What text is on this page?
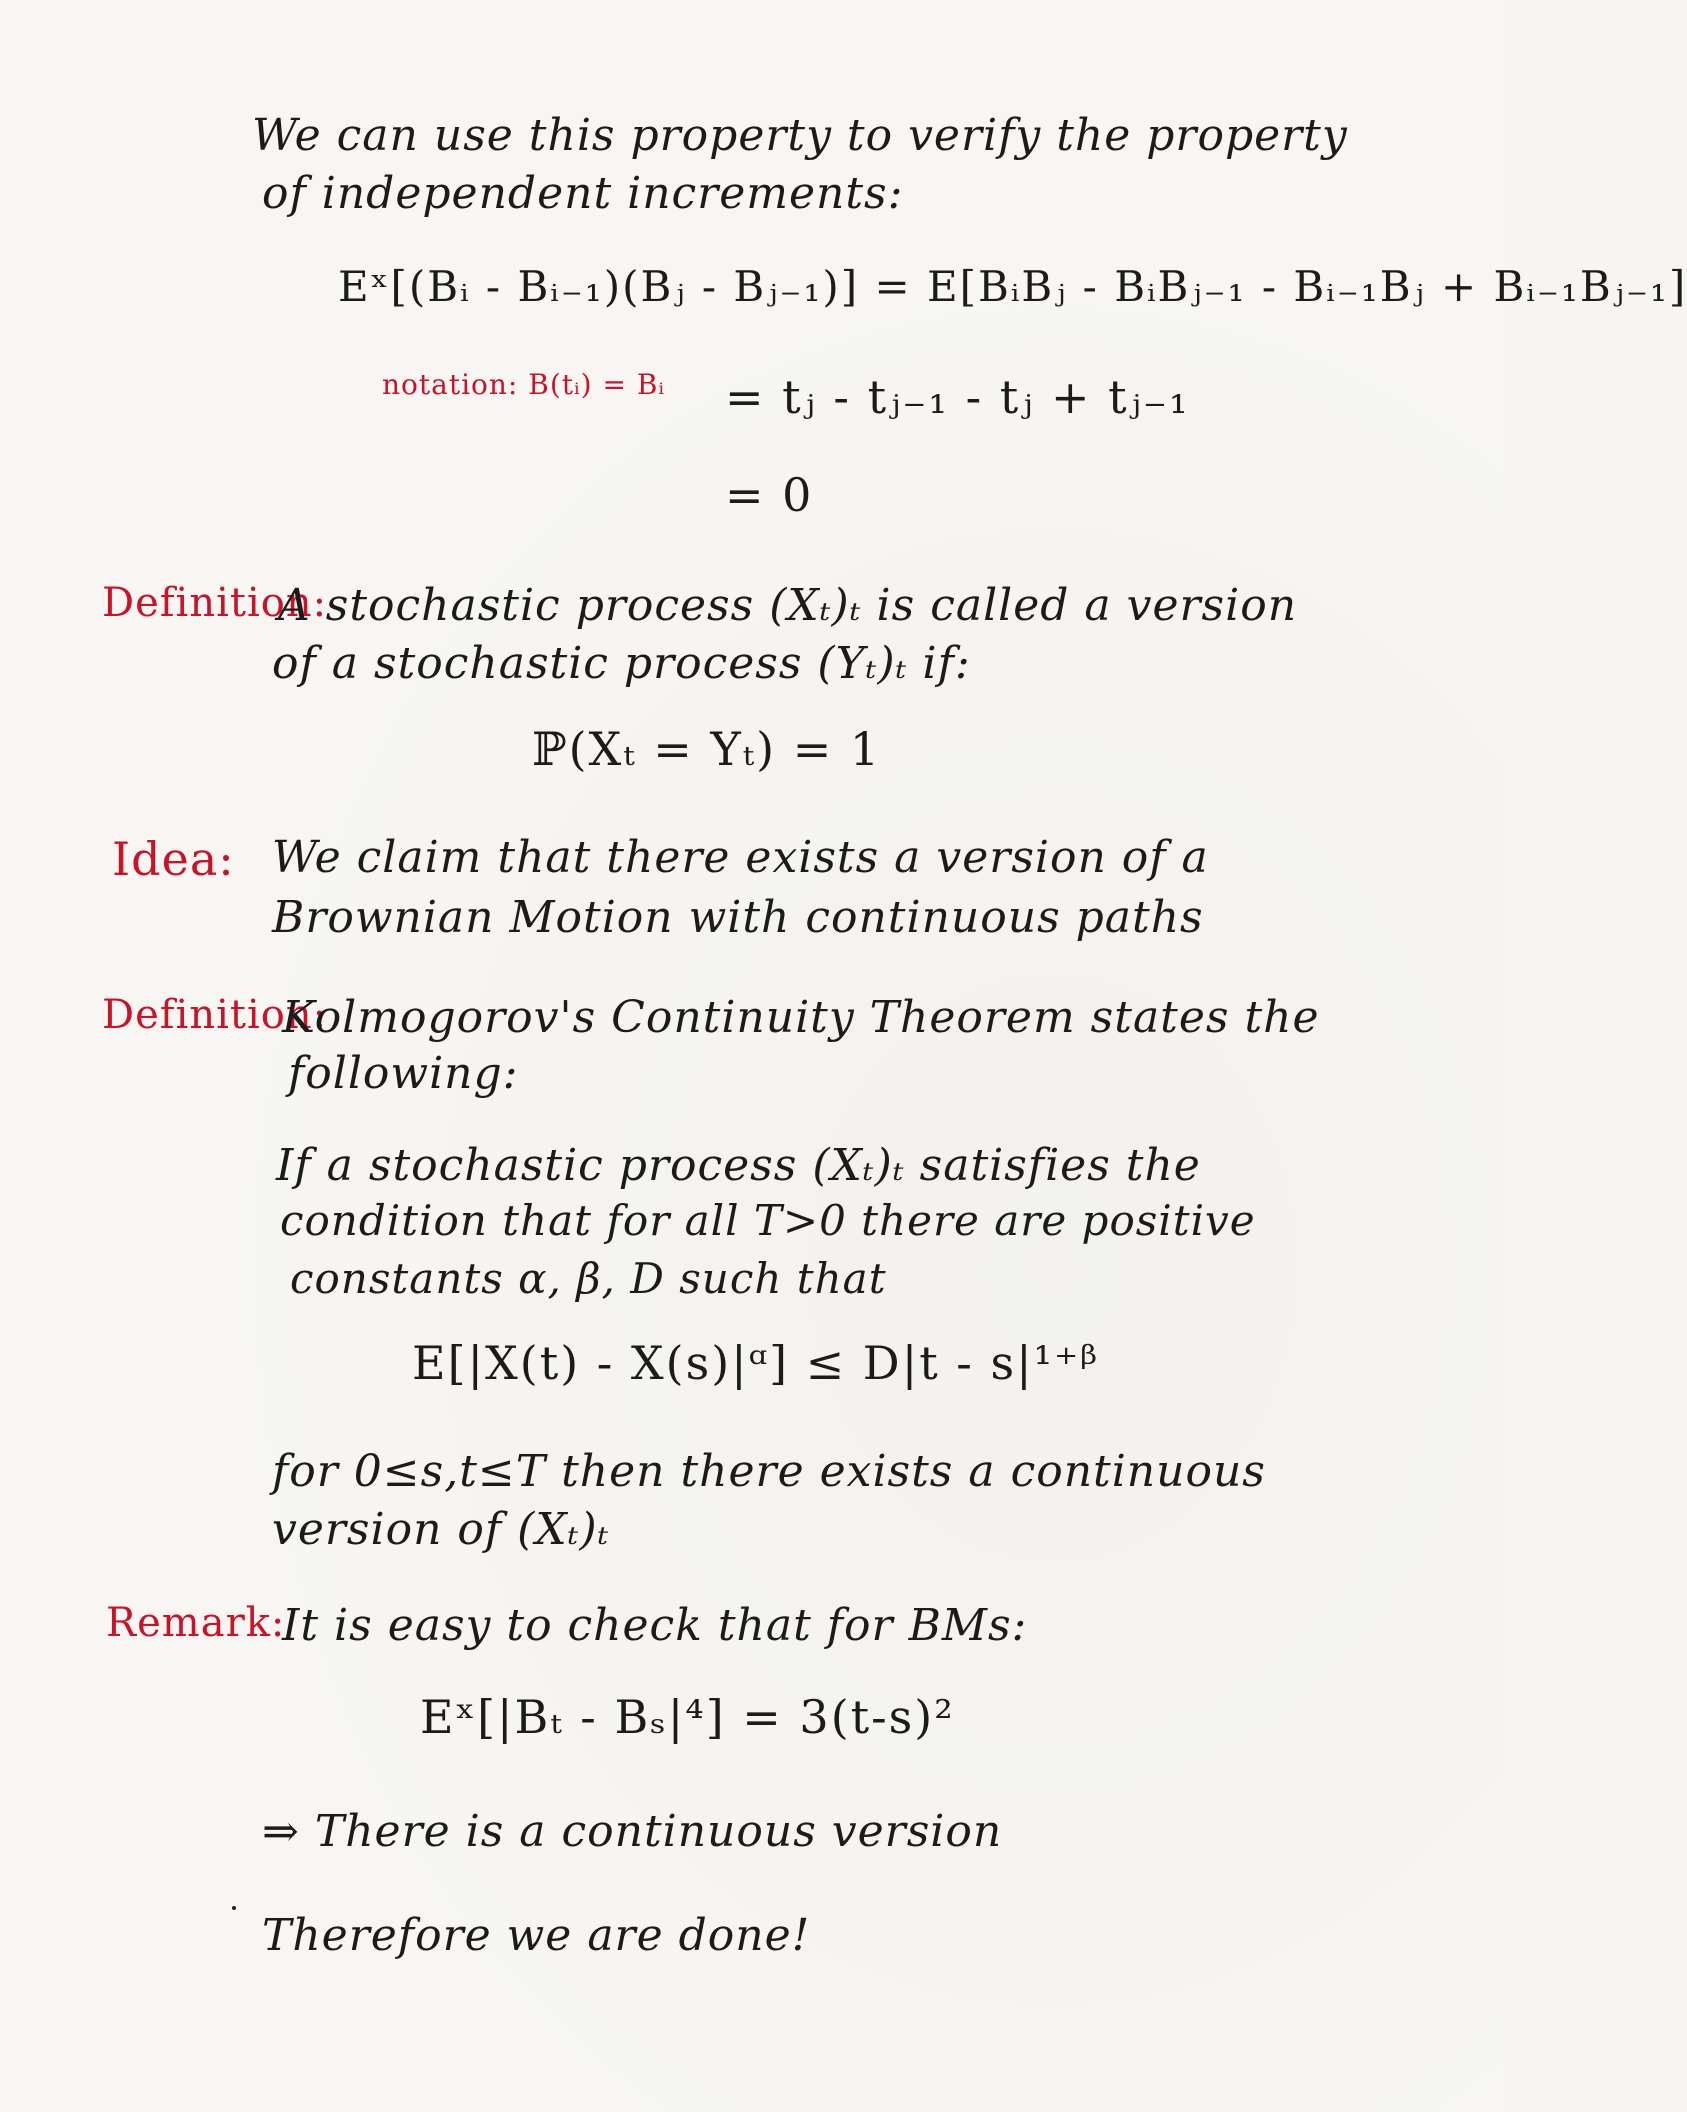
We can use this property to verify the property
of independent increments:
Eˣ[(Bᵢ - Bᵢ₋₁)(Bⱼ - Bⱼ₋₁)] = E[BᵢBⱼ - BᵢBⱼ₋₁ - Bᵢ₋₁Bⱼ + Bᵢ₋₁Bⱼ₋₁]
notation: B(tᵢ) = Bᵢ = tⱼ - tⱼ₋₁ - tⱼ + tⱼ₋₁
= 0
Definition:
A stochastic process (Xₜ)ₜ is called a version
of a stochastic process (Yₜ)ₜ if:
ℙ(Xₜ = Yₜ) = 1
Idea: We claim that there exists a version of a
Brownian Motion with continuous paths
Definition:
Kolmogorov's Continuity Theorem states the
following:
If a stochastic process (Xₜ)ₜ satisfies the
condition that for all T>0 there are positive
constants α, β, D such that
E[|X(t) - X(s)|ᵅ] ≤ D|t - s|¹⁺ᵝ
for 0≤s,t≤T then there exists a continuous
version of (Xₜ)ₜ
Remark:
It is easy to check that for BMs:
Eˣ[|Bₜ - Bₛ|⁴] = 3(t-s)²
⇒ There is a continuous version
Therefore we are done!
